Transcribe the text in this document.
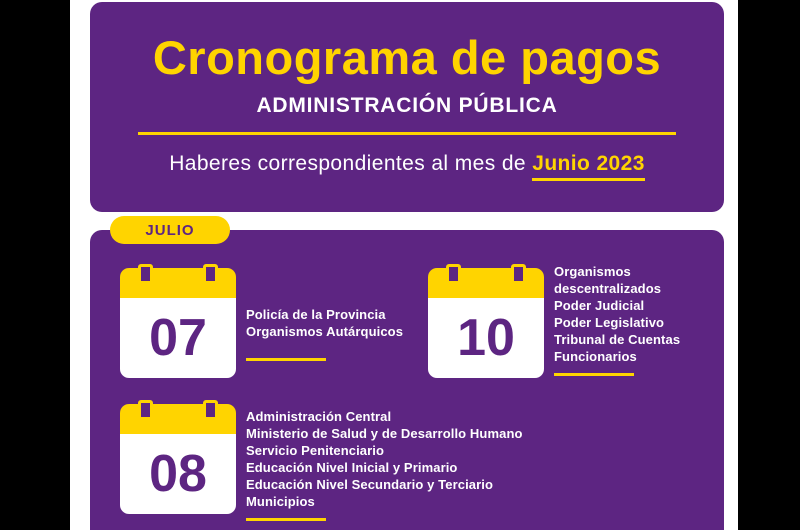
Cronograma de pagos
ADMINISTRACIÓN PÚBLICA
Haberes correspondientes al mes de Junio 2023
07	Policía de la Provincia
Organismos Autárquicos	10
Organismos
descentralizados
Poder Judicial
Poder Legislativo
Tribunal de Cuentas
Funcionarios
08
Administración Central
Ministerio de Salud y de Desarrollo Humano
Servicio Penitenciario
Educación Nivel Inicial y Primario
Educación Nivel Secundario y Terciario
Municipios
JULIO
